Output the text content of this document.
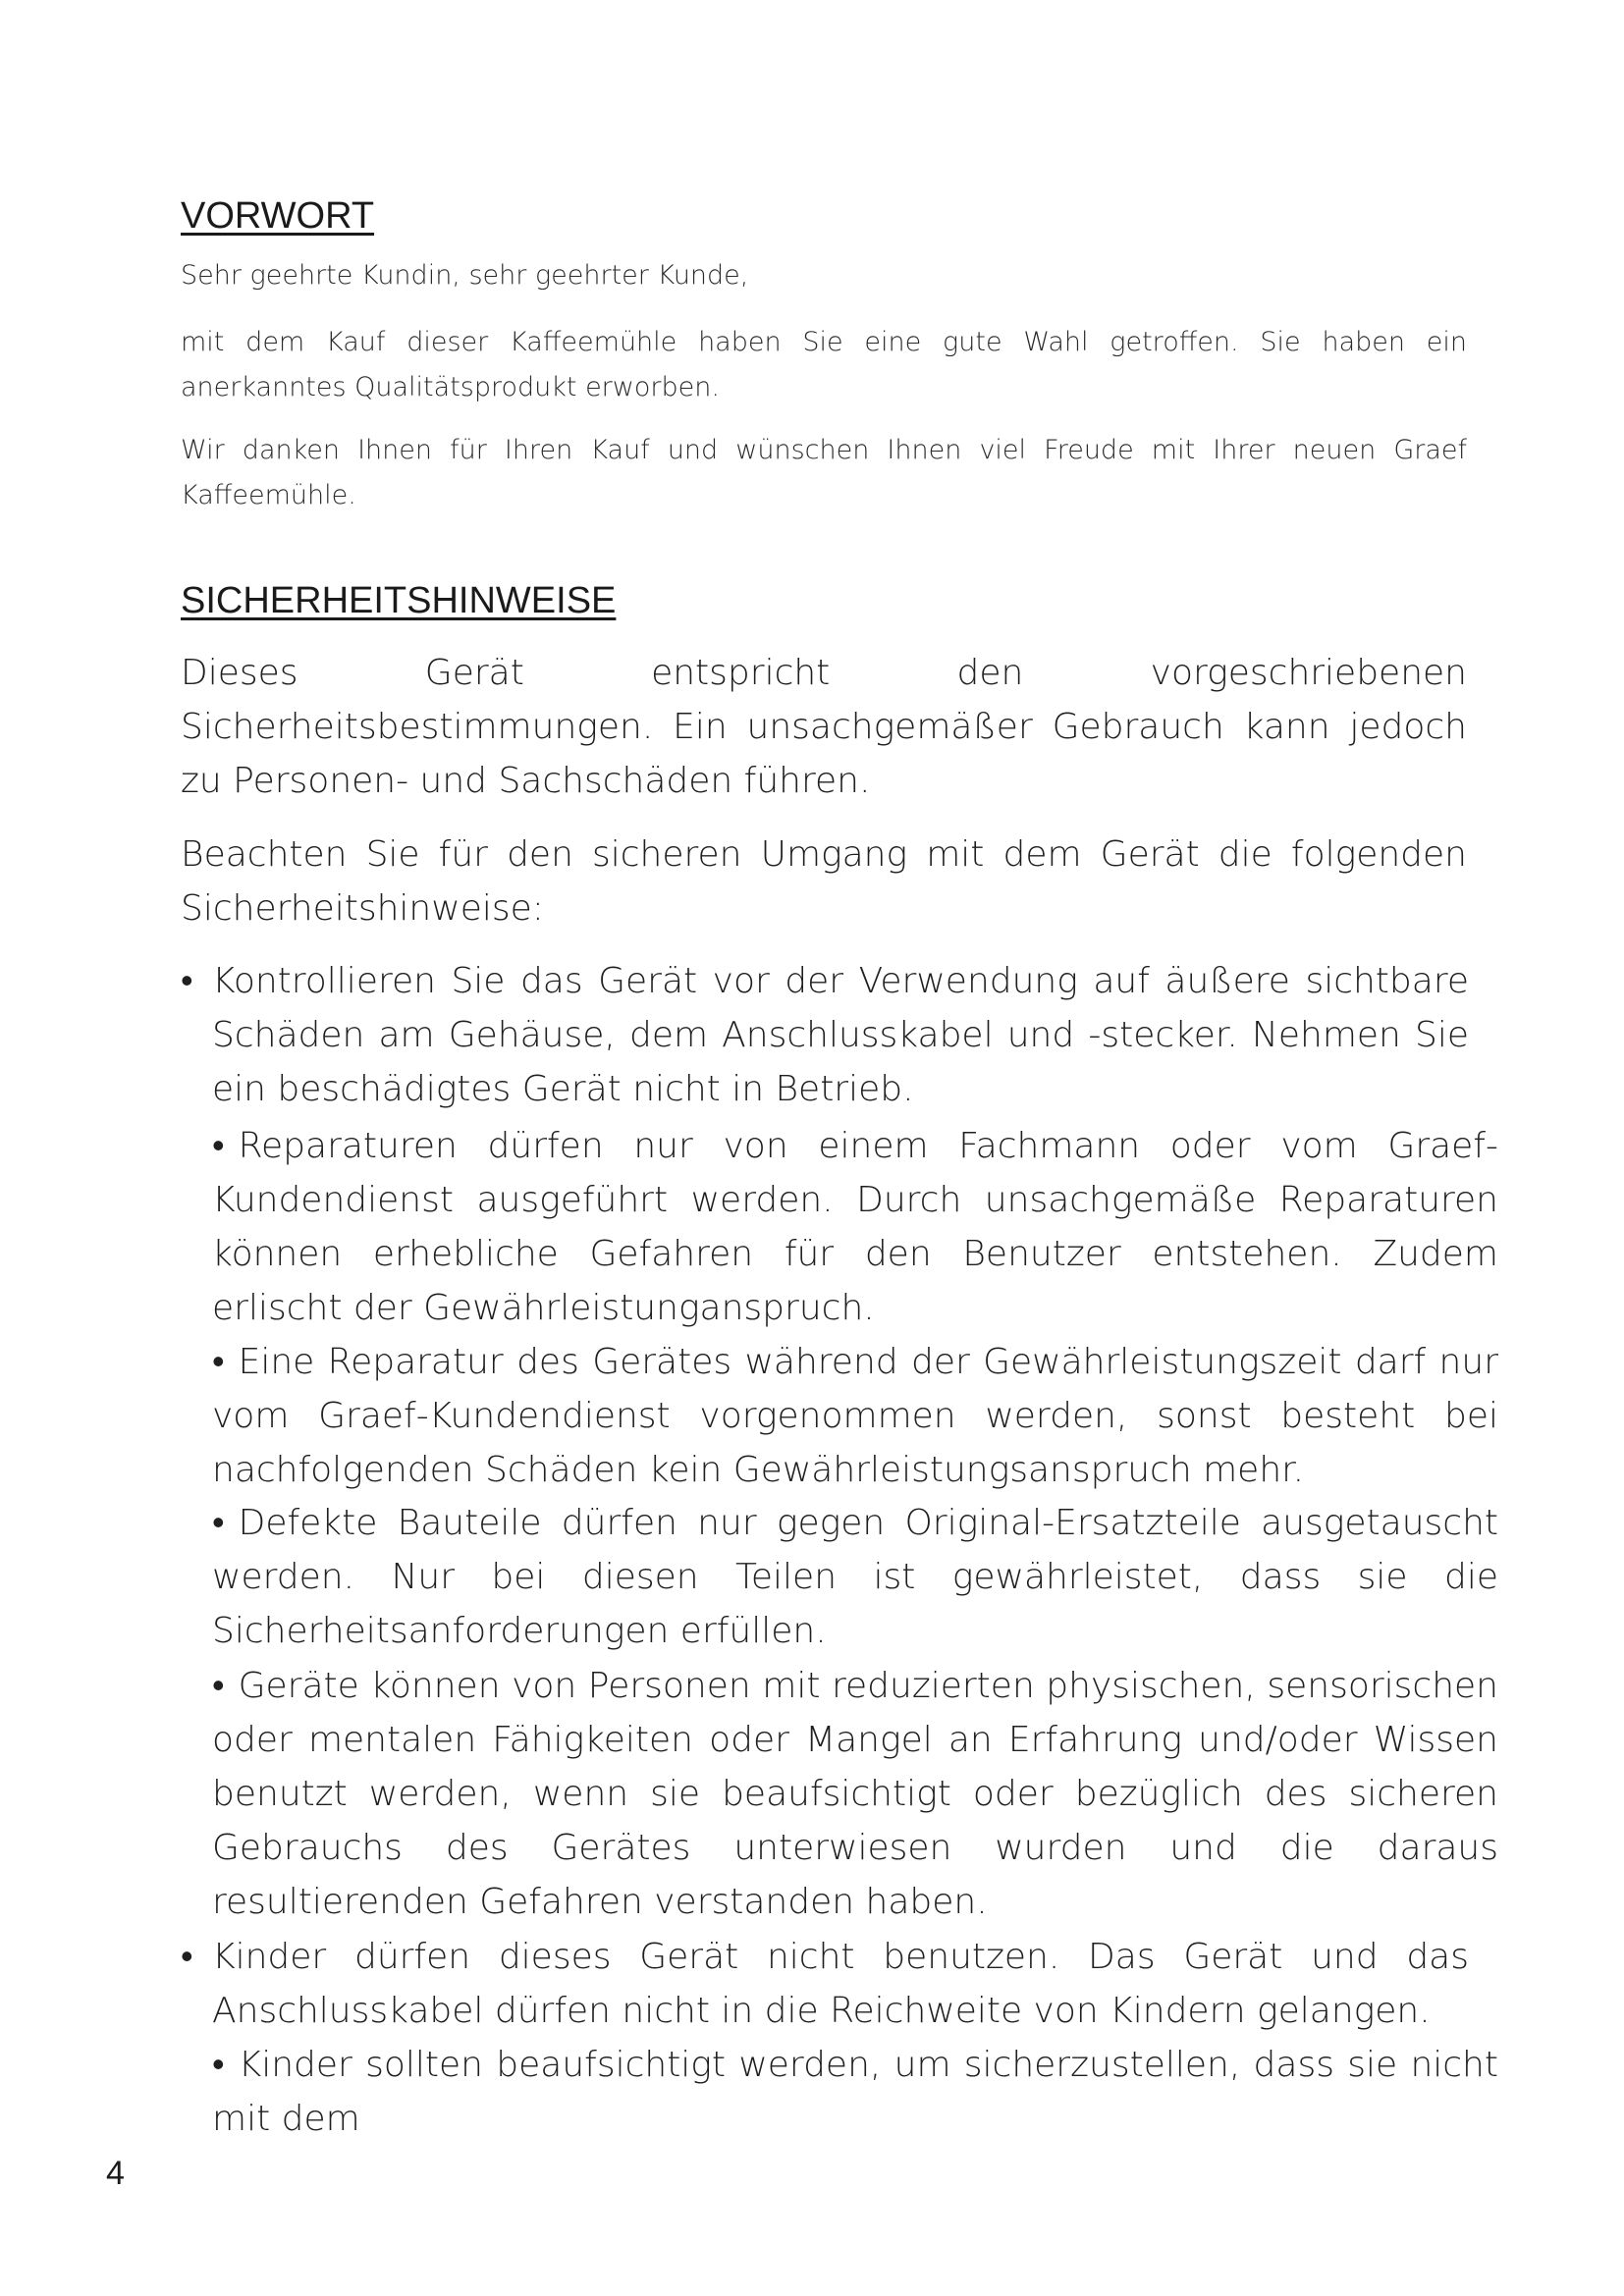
VORWORT

Sehr geehrte Kundin, sehr geehrter Kunde,

mit dem Kauf dieser Kaffeemühle haben Sie eine gute Wahl getroffen. Sie haben ein anerkanntes Qualitätsprodukt erworben.

Wir danken Ihnen für Ihren Kauf und wünschen Ihnen viel Freude mit Ihrer neuen Graef Kaffeemühle.

SICHERHEITSHINWEISE

Dieses Gerät entspricht den vorgeschriebenen Sicherheitsbestimmungen. Ein unsachgemäßer Gebrauch kann jedoch zu Personen- und Sachschäden führen.

Beachten Sie für den sicheren Umgang mit dem Gerät die folgenden Sicherheitshinweise:

• Kontrollieren Sie das Gerät vor der Verwendung auf äußere sichtbare Schäden am Gehäuse, dem Anschlusskabel und -stecker. Nehmen Sie ein beschädigtes Gerät nicht in Betrieb.

• Reparaturen dürfen nur von einem Fachmann oder vom Graef-Kundendienst ausgeführt werden. Durch unsachgemäße Reparaturen können erhebliche Gefahren für den Benutzer entstehen. Zudem erlischt der Gewährleistunganspruch.

• Eine Reparatur des Gerätes während der Gewährleistungszeit darf nur vom Graef-Kundendienst vorgenommen werden, sonst besteht bei nachfolgenden Schäden kein Gewährleistungsanspruch mehr.

• Defekte Bauteile dürfen nur gegen Original-Ersatzteile ausgetauscht werden. Nur bei diesen Teilen ist gewährleistet, dass sie die Sicherheitsanforderungen erfüllen.

• Geräte können von Personen mit reduzierten physischen, sensorischen oder mentalen Fähigkeiten oder Mangel an Erfahrung und/oder Wissen benutzt werden, wenn sie beaufsichtigt oder bezüglich des sicheren Gebrauchs des Gerätes unterwiesen wurden und die daraus resultierenden Gefahren verstanden haben.

• Kinder dürfen dieses Gerät nicht benutzen. Das Gerät und das Anschlusskabel dürfen nicht in die Reichweite von Kindern gelangen.

• Kinder sollten beaufsichtigt werden, um sicherzustellen, dass sie nicht mit dem

4
